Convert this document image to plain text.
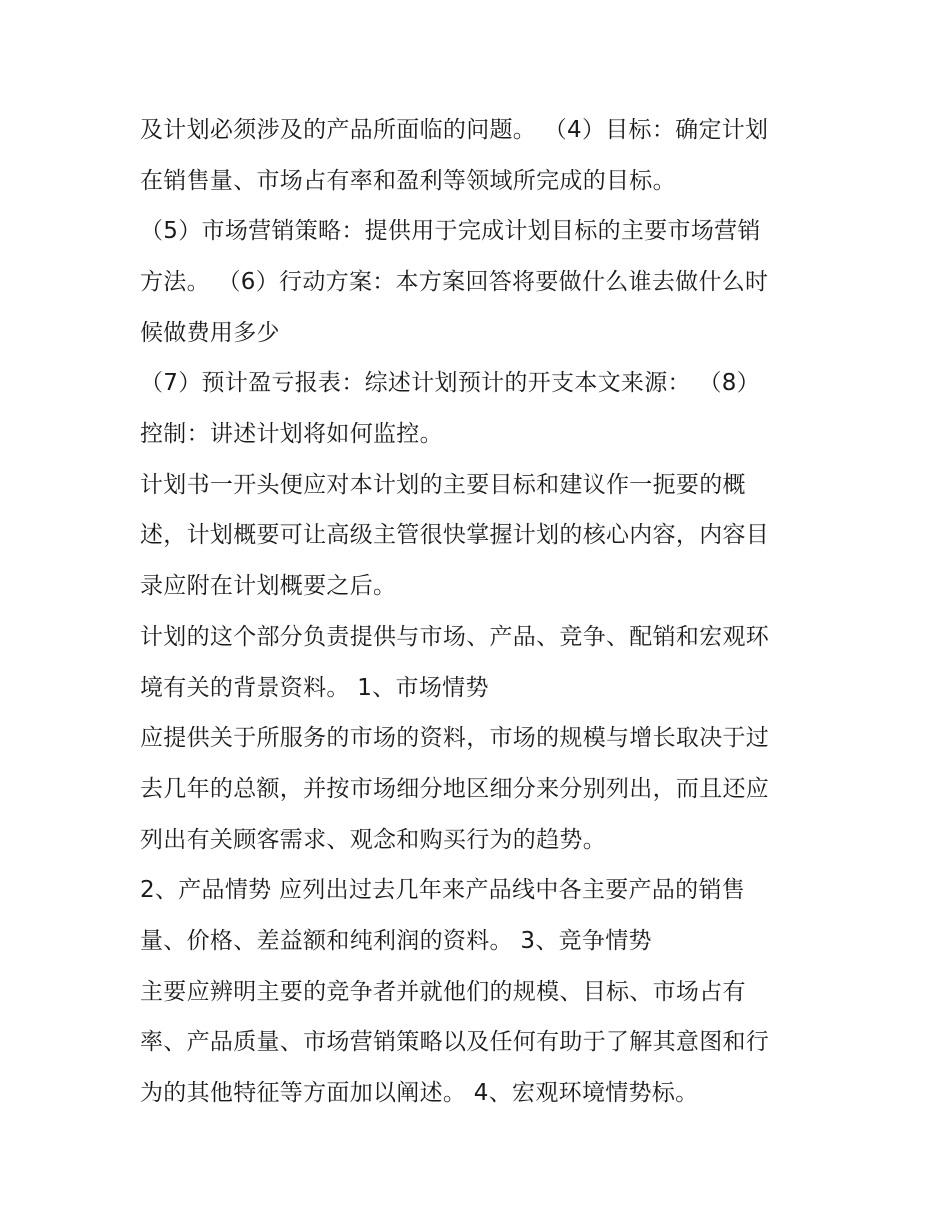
及计划必须涉及的产品所面临的问题。 （4）目标：确定计划
在销售量、市场占有率和盈利等领域所完成的目标。
（5）市场营销策略：提供用于完成计划目标的主要市场营销
方法。 （6）行动方案：本方案回答将要做什么谁去做什么时
候做费用多少
（7）预计盈亏报表：综述计划预计的开支本文来源： （8）
控制：讲述计划将如何监控。
计划书一开头便应对本计划的主要目标和建议作一扼要的概
述，计划概要可让高级主管很快掌握计划的核心内容，内容目
录应附在计划概要之后。
计划的这个部分负责提供与市场、产品、竞争、配销和宏观环
境有关的背景资料。 1、市场情势
应提供关于所服务的市场的资料，市场的规模与增长取决于过
去几年的总额，并按市场细分地区细分来分别列出，而且还应
列出有关顾客需求、观念和购买行为的趋势。
2、产品情势 应列出过去几年来产品线中各主要产品的销售
量、价格、差益额和纯利润的资料。 3、竞争情势
主要应辨明主要的竞争者并就他们的规模、目标、市场占有
率、产品质量、市场营销策略以及任何有助于了解其意图和行
为的其他特征等方面加以阐述。 4、宏观环境情势标。
